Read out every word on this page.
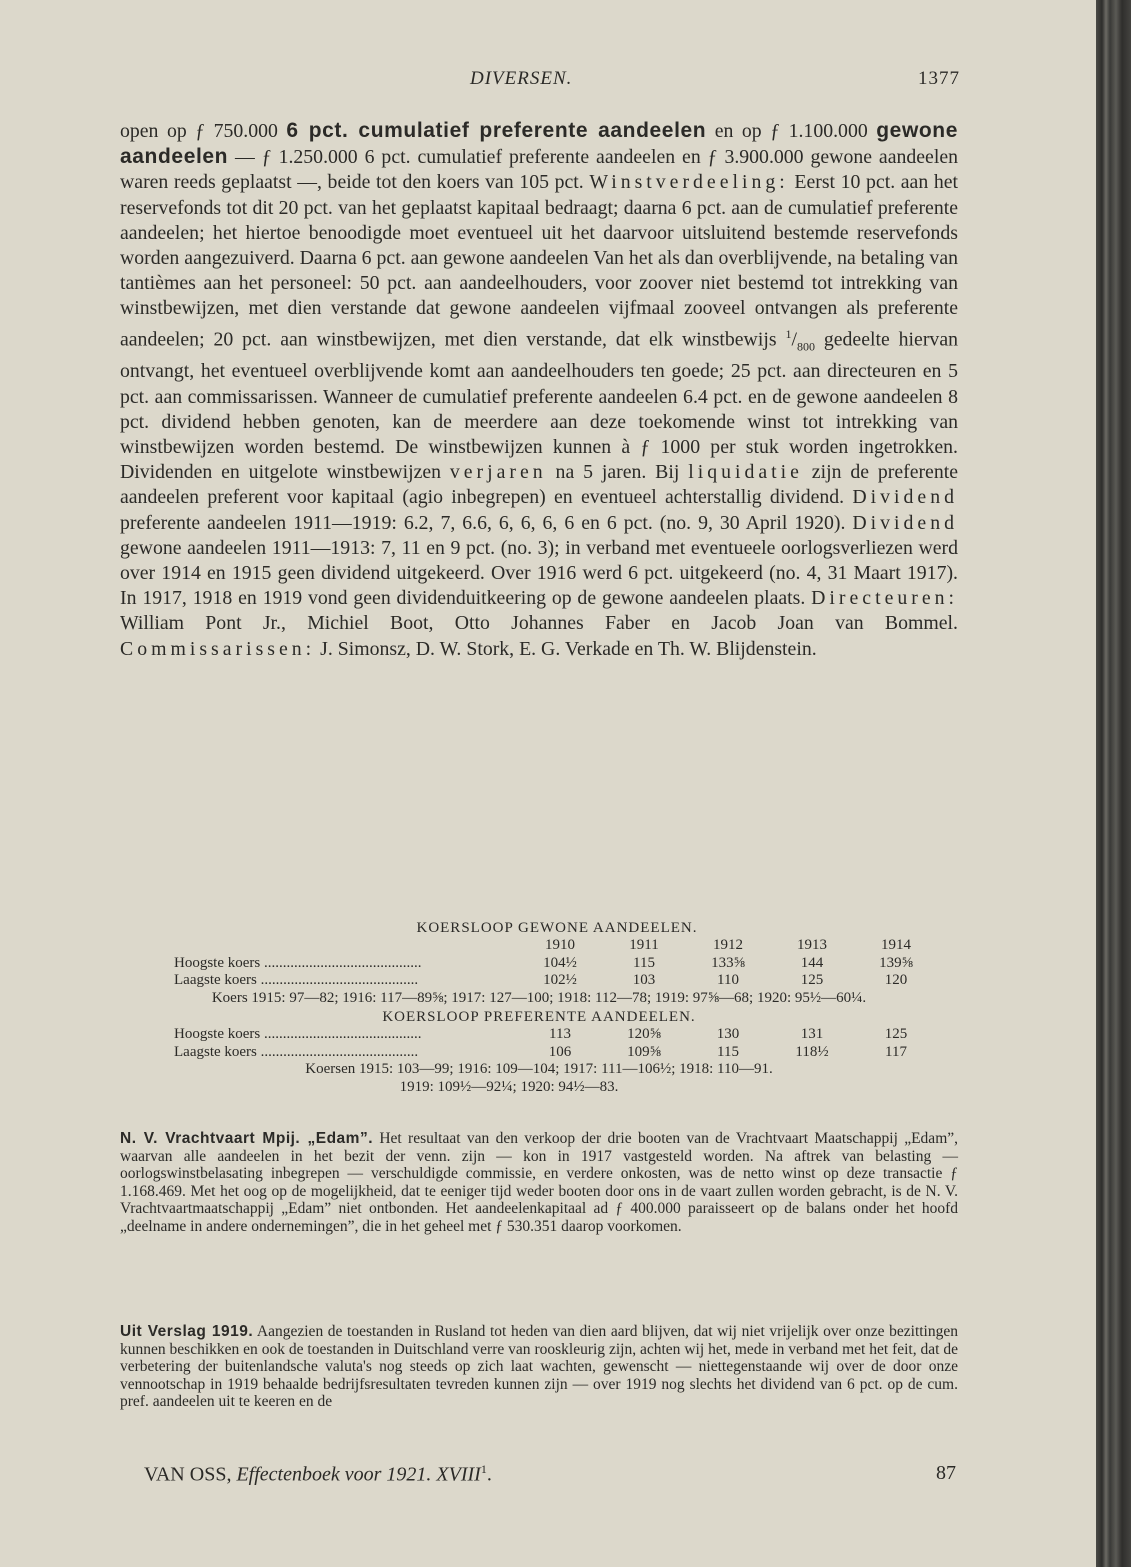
DIVERSEN.	1377

open op ƒ 750.000 6 pct. cumulatief preferente aandeelen en op ƒ 1.100.000 gewone aandeelen — ƒ 1.250.000 6 pct. cumulatief preferente aandeelen en ƒ 3.900.000 gewone aandeelen waren reeds geplaatst —, beide tot den koers van 105 pct. Winstverdeeling: Eerst 10 pct. aan het reservefonds tot dit 20 pct. van het geplaatst kapitaal bedraagt; daarna 6 pct. aan de cumulatief preferente aandeelen; het hiertoe benoodigde moet eventueel uit het daarvoor uitsluitend bestemde reservefonds worden aangezuiverd. Daarna 6 pct. aan gewone aandeelen Van het als dan overblijvende, na betaling van tantièmes aan het personeel: 50 pct. aan aandeelhouders, voor zoover niet bestemd tot intrekking van winstbewijzen, met dien verstande dat gewone aandeelen vijfmaal zooveel ontvangen als preferente aandeelen; 20 pct. aan winstbewijzen, met dien verstande, dat elk winstbewijs $^1/_{800}$ gedeelte hiervan ontvangt, het eventueel overblijvende komt aan aandeelhouders ten goede; 25 pct. aan directeuren en 5 pct. aan commissarissen. Wanneer de cumulatief preferente aandeelen 6.4 pct. en de gewone aandeelen 8 pct. dividend hebben genoten, kan de meerdere aan deze toekomende winst tot intrekking van winstbewijzen worden bestemd. De winstbewijzen kunnen à ƒ 1000 per stuk worden ingetrokken. Dividenden en uitgelote winstbewijzen verjaren na 5 jaren. Bij liquidatie zijn de preferente aandeelen preferent voor kapitaal (agio inbegrepen) en eventueel achterstallig dividend. Dividend preferente aandeelen 1911—1919: 6.2, 7, 6.6, 6, 6, 6, 6 en 6 pct. (no. 9, 30 April 1920). Dividend gewone aandeelen 1911—1913: 7, 11 en 9 pct. (no. 3); in verband met eventueele oorlogsverliezen werd over 1914 en 1915 geen dividend uitgekeerd. Over 1916 werd 6 pct. uitgekeerd (no. 4, 31 Maart 1917). In 1917, 1918 en 1919 vond geen dividenduitkeering op de gewone aandeelen plaats. Directeuren: William Pont Jr., Michiel Boot, Otto Johannes Faber en Jacob Joan van Bommel. Commissarissen: J. Simonsz, D. W. Stork, E. G. Verkade en Th. W. Blijdenstein.

KOERSLOOP GEWONE AANDEELEN.

	1910	1911	1912	1913	1914
Hoogste koers ..........................................	104½	115	133⅝	144	139⅝
Laagste koers ..........................................	102½	103	110	125	120

Koers 1915: 97—82; 1916: 117—89⅝; 1917: 127—100; 1918: 112—78; 1919: 97⅝—68; 1920: 95½—60¼.

KOERSLOOP PREFERENTE AANDEELEN.

Hoogste koers ..........................................	113	120⅝	130	131	125
Laagste koers ..........................................	106	109⅝	115	118½	117

Koersen 1915: 103—99; 1916: 109—104; 1917: 111—106½; 1918: 110—91.

1919: 109½—92¼; 1920: 94½—83.

N. V. Vrachtvaart Mpij. „Edam”. Het resultaat van den verkoop der drie booten van de Vrachtvaart Maatschappij „Edam”, waarvan alle aandeelen in het bezit der venn. zijn — kon in 1917 vastgesteld worden. Na aftrek van belasting — oorlogswinstbelasating inbegrepen — verschuldigde commissie, en verdere onkosten, was de netto winst op deze transactie ƒ 1.168.469. Met het oog op de mogelijkheid, dat te eeniger tijd weder booten door ons in de vaart zullen worden gebracht, is de N. V. Vrachtvaartmaatschappij „Edam” niet ontbonden. Het aandeelenkapitaal ad ƒ 400.000 paraisseert op de balans onder het hoofd „deelname in andere ondernemingen”, die in het geheel met ƒ 530.351 daarop voorkomen.

Uit Verslag 1919. Aangezien de toestanden in Rusland tot heden van dien aard blijven, dat wij niet vrijelijk over onze bezittingen kunnen beschikken en ook de toestanden in Duitschland verre van rooskleurig zijn, achten wij het, mede in verband met het feit, dat de verbetering der buitenlandsche valuta's nog steeds op zich laat wachten, gewenscht — niettegenstaande wij over de door onze vennootschap in 1919 behaalde bedrijfsresultaten tevreden kunnen zijn — over 1919 nog slechts het dividend van 6 pct. op de cum. pref. aandeelen uit te keeren en de

VAN OSS, Effectenboek voor 1921. XVIII$^1$.	87
